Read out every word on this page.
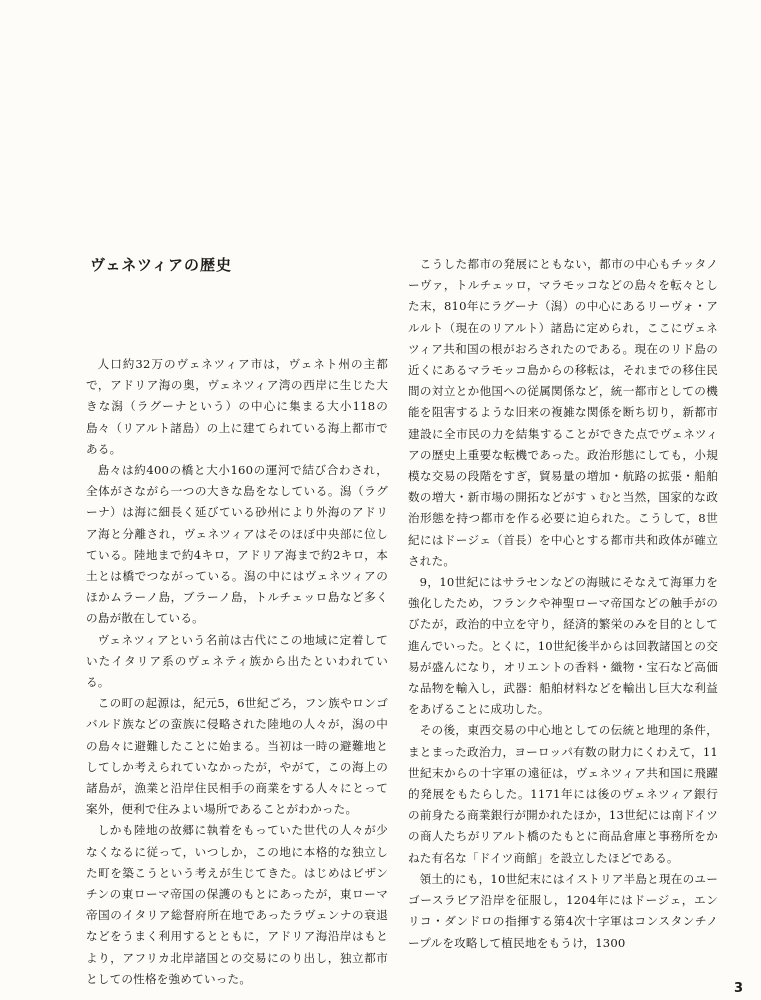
ヴェネツィアの歴史

人口約32万のヴェネツィア市は，ヴェネト州の主都で，アドリア海の奥，ヴェネツィア湾の西岸に生じた大きな潟（ラグーナという）の中心に集まる大小118の島々（リアルト諸島）の上に建てられている海上都市である。

島々は約400の橋と大小160の運河で結び合わされ，全体がさながら一つの大きな島をなしている。潟（ラグーナ）は海に細長く延びている砂州により外海のアドリア海と分離され，ヴェネツィアはそのほぼ中央部に位している。陸地まで約4キロ，アドリア海まで約2キロ，本土とは橋でつながっている。潟の中にはヴェネツィアのほかムラーノ島，ブラーノ島，トルチェッロ島など多くの島が散在している。

ヴェネツィアという名前は古代にこの地域に定着していたイタリア系のヴェネティ族から出たといわれている。

この町の起源は，紀元5，6世紀ごろ，フン族やロンゴバルド族などの蛮族に侵略された陸地の人々が，潟の中の島々に避難したことに始まる。当初は一時の避難地としてしか考えられていなかったが，やがて，この海上の諸島が，漁業と沿岸住民相手の商業をする人々にとって案外，便利で住みよい場所であることがわかった。

しかも陸地の故郷に執着をもっていた世代の人々が少なくなるに従って，いつしか，この地に本格的な独立した町を築こうという考えが生じてきた。はじめはビザンチンの東ローマ帝国の保護のもとにあったが，東ローマ帝国のイタリア総督府所在地であったラヴェンナの衰退などをうまく利用するとともに，アドリア海沿岸はもとより，アフリカ北岸諸国との交易にのり出し，独立都市としての性格を強めていった。

こうした都市の発展にともない，都市の中心もチッタノーヴァ，トルチェッロ，マラモッコなどの島々を転々とした末，810年にラグーナ（潟）の中心にあるリーヴォ・アルルト（現在のリアルト）諸島に定められ，ここにヴェネツィア共和国の根がおろされたのである。現在のリド島の近くにあるマラモッコ島からの移転は，それまでの移住民間の対立とか他国への従属関係など，統一都市としての機能を阻害するような旧来の複雑な関係を断ち切り，新都市建設に全市民の力を結集することができた点でヴェネツィアの歴史上重要な転機であった。政治形態にしても，小規模な交易の段階をすぎ，貿易量の増加・航路の拡張・船舶数の増大・新市場の開拓などがすゝむと当然，国家的な政治形態を持つ都市を作る必要に迫られた。こうして，8世紀にはドージェ（首長）を中心とする都市共和政体が確立された。

9，10世紀にはサラセンなどの海賊にそなえて海軍力を強化したため，フランクや神聖ローマ帝国などの触手がのびたが，政治的中立を守り，経済的繁栄のみを目的として進んでいった。とくに，10世紀後半からは回教諸国との交易が盛んになり，オリエントの香料・織物・宝石など高価な品物を輸入し，武器：船舶材料などを輸出し巨大な利益をあげることに成功した。

その後，東西交易の中心地としての伝統と地理的条件，まとまった政治力，ヨーロッパ有数の財力にくわえて，11世紀末からの十字軍の遠征は，ヴェネツィア共和国に飛躍的発展をもたらした。1171年には後のヴェネツィア銀行の前身たる商業銀行が開かれたほか，13世紀には南ドイツの商人たちがリアルト橋のたもとに商品倉庫と事務所をかねた有名な「ドイツ商館」を設立したほどである。

領土的にも，10世紀末にはイストリア半島と現在のユーゴースラビア沿岸を征服し，1204年にはドージェ，エンリコ・ダンドロの指揮する第4次十字軍はコンスタンチノープルを攻略して植民地をもうけ，1300

3
